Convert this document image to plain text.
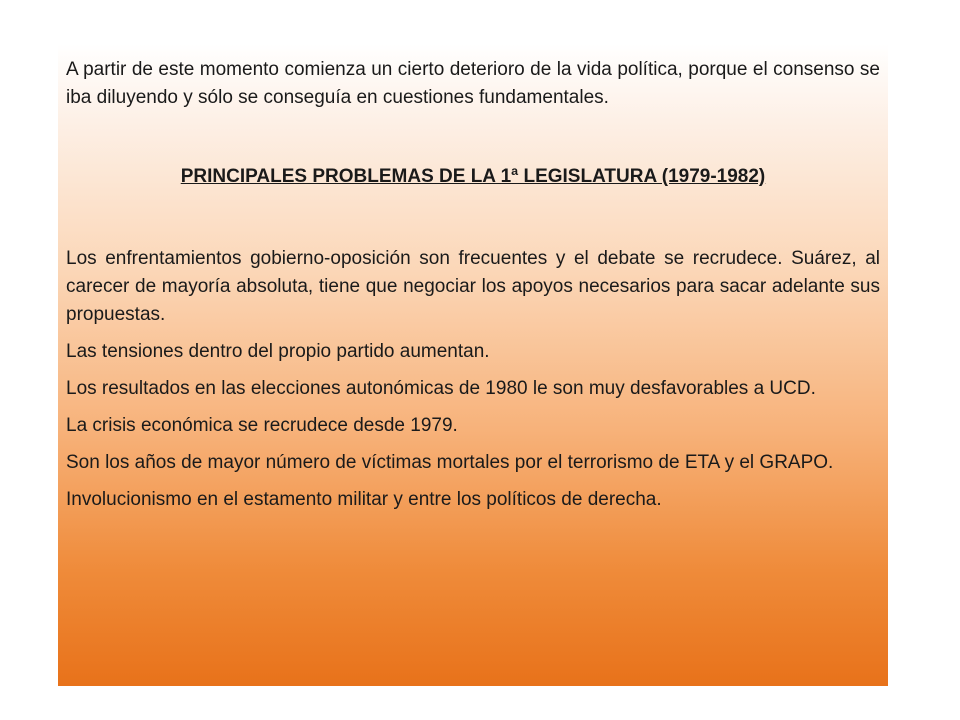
A partir de este momento comienza un cierto deterioro de la vida política, porque el consenso se iba diluyendo y sólo se conseguía en cuestiones fundamentales.

PRINCIPALES PROBLEMAS DE LA 1ª LEGISLATURA (1979-1982)

Los enfrentamientos gobierno-oposición son frecuentes y el debate se recrudece. Suárez, al carecer de mayoría absoluta, tiene que negociar los apoyos necesarios para sacar adelante sus propuestas.

Las tensiones dentro del propio partido aumentan.

Los resultados en las elecciones autonómicas de 1980 le son muy desfavorables a UCD.

La crisis económica se recrudece desde 1979.

Son los años de mayor número de víctimas mortales por el terrorismo de ETA y el GRAPO.

Involucionismo en el estamento militar y entre los políticos de derecha.
